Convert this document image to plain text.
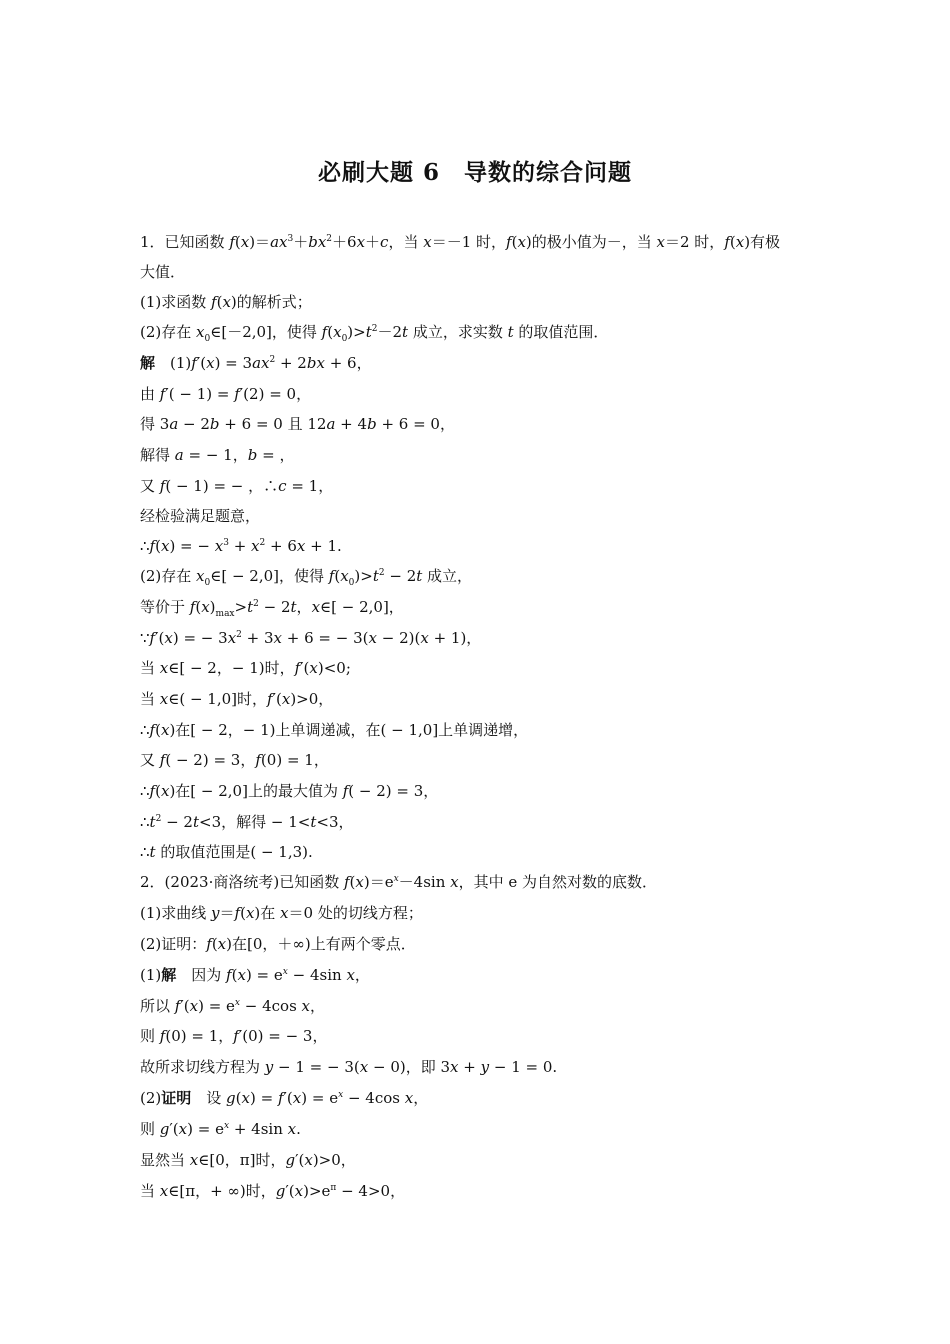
必刷大题 6　导数的综合问题
1．已知函数 $f(x)=ax^3+bx^2+6x+c$，当 x＝－1 时，f(x)的极小值为－，当 x＝2 时，f(x)有极
大值．
(1)求函数 f(x)的解析式；
(2)存在 $x_0\in[-2,0]$，使得 $f(x_0)>t^2-2t$ 成立，求实数 t 的取值范围．
解　$(1)f'(x) = 3ax^2 + 2bx + 6$，
由 f′( − 1) = f′(2) = 0，
得 3a − 2b + 6 = 0 且 12a + 4b + 6 = 0，
解得 a = − 1，b = ，
又 f( − 1) = − ，∴c = 1，
经检验满足题意，
∴f(x) = − $x^3 + x^2 + 6x + 1$.
(2)存在 $x_0\in[ - 2,0]$，使得 $f(x_0)>t^2 - 2t$ 成立，
等价于 $f(x)_{max}>t^2 - 2t$，x∈[ − 2,0]，
∵f′(x) = − $3x^2 + 3x + 6$ = − 3(x − 2)(x + 1)，
当 x∈[ − 2，− 1)时，f′(x)<0;
当 x∈( − 1,0]时，f′(x)>0，
∴f(x)在[ − 2，− 1)上单调递减，在( − 1,0]上单调递增，
又 f( − 2) = 3，f(0) = 1，
∴f(x)在[ − 2,0]上的最大值为 f( − 2) = 3，
$\therefore t^2 - 2t<3$，解得 − 1<t<3，
∴t 的取值范围是( − 1,3).
2．(2023·商洛统考)已知函数 $f(x)=e^x-4\sin$ x，其中 e 为自然对数的底数．
(1)求曲线 y＝f(x)在 x＝0 处的切线方程；
(2)证明：f(x)在[0，＋∞)上有两个零点．
(1)解　因为 $f(x) = e^x - 4\sin$ x，
所以 $f'(x) = e^x - 4\cos$ x，
则 f(0) = 1，f′(0) = − 3，
故所求切线方程为 y − 1 = − 3(x − 0)，即 3x + y − 1 = 0.
(2)证明　设 $g(x) = f'(x) = e^x - 4\cos$ x，
则 $g'(x) = e^x + 4\sin$ x.
显然当 x∈[0，π]时，g′(x)>0，
当 x∈[π，+ ∞)时，$g'(x)>e^\pi - 4>0$，
